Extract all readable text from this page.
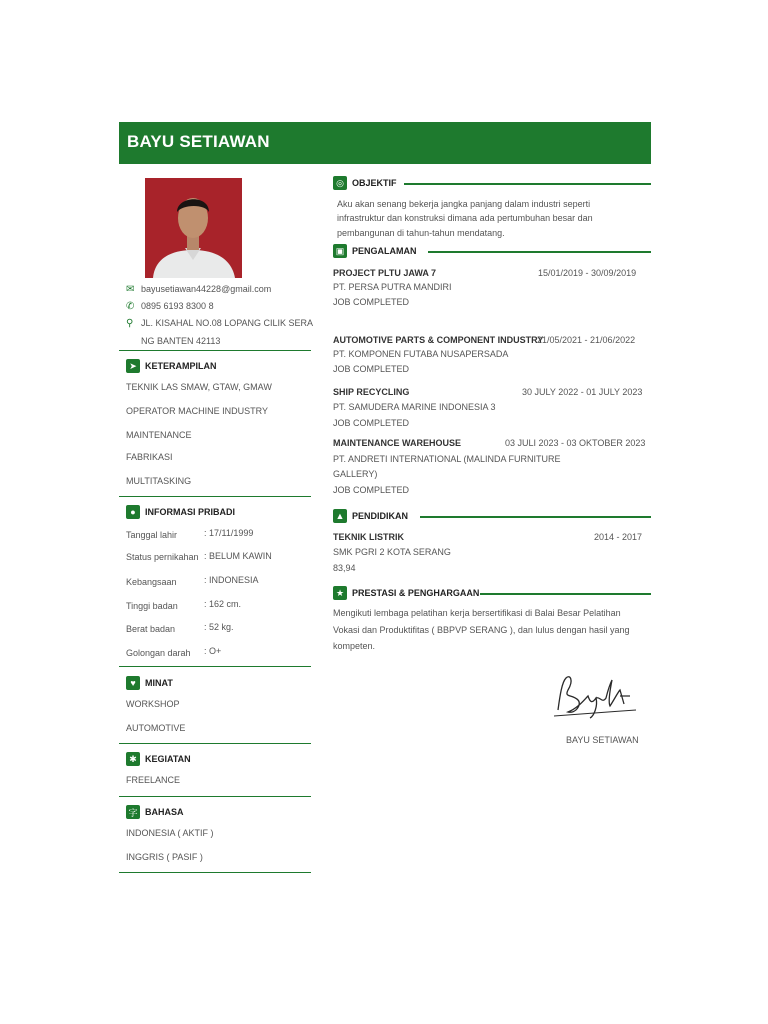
BAYU SETIAWAN
✉ bayusetiawan44228@gmail.com
✆ 0895 6193 8300 8
⚲ JL. KISAHAL NO.08 LOPANG CILIK SERA
NG BANTEN 42113
➤ KETERAMPILAN
TEKNIK LAS SMAW, GTAW, GMAW
OPERATOR MACHINE INDUSTRY
MAINTENANCE
FABRIKASI
MULTITASKING
●	INFORMASI PRIBADI
Tanggal lahir	: 17/11/1999
Status pernikahan : BELUM KAWIN
Kebangsaan	: INDONESIA
Tinggi badan	: 162 cm.
Berat badan	: 52 kg.
Golongan darah : O+
♥	MINAT
WORKSHOP
AUTOMOTIVE
✱ KEGIATAN
FREELANCE
字 BAHASA
INDONESIA ( AKTIF )
INGGRIS ( PASIF )
◎ OBJEKTIF
Aku akan senang bekerja jangka panjang dalam industri seperti
infrastruktur dan konstruksi dimana ada pertumbuhan besar dan
pembangunan di tahun-tahun mendatang.
▣ PENGALAMAN
PROJECT PLTU JAWA 7	15/01/2019 - 30/09/2019
PT. PERSA PUTRA MANDIRI
JOB COMPLETED
AUTOMOTIVE PARTS & COMPONENT INDUSTRY
21/05/2021 - 21/06/2022
PT. KOMPONEN FUTABA NUSAPERSADA
JOB COMPLETED
SHIP RECYCLING	30 JULY 2022 - 01 JULY 2023
PT. SAMUDERA MARINE INDONESIA 3
JOB COMPLETED
MAINTENANCE WAREHOUSE	03 JULI 2023 - 03 OKTOBER 2023
PT. ANDRETI INTERNATIONAL (MALINDA FURNITURE
GALLERY)
JOB COMPLETED
▲ PENDIDIKAN
TEKNIK LISTRIK	2014 - 2017
SMK PGRI 2 KOTA SERANG
83,94
★ PRESTASI & PENGHARGAAN
Mengikuti lembaga pelatihan kerja bersertifikasi di Balai Besar Pelatihan
Vokasi dan Produktifitas ( BBPVP SERANG ), dan lulus dengan hasil yang
kompeten.
BAYU SETIAWAN
